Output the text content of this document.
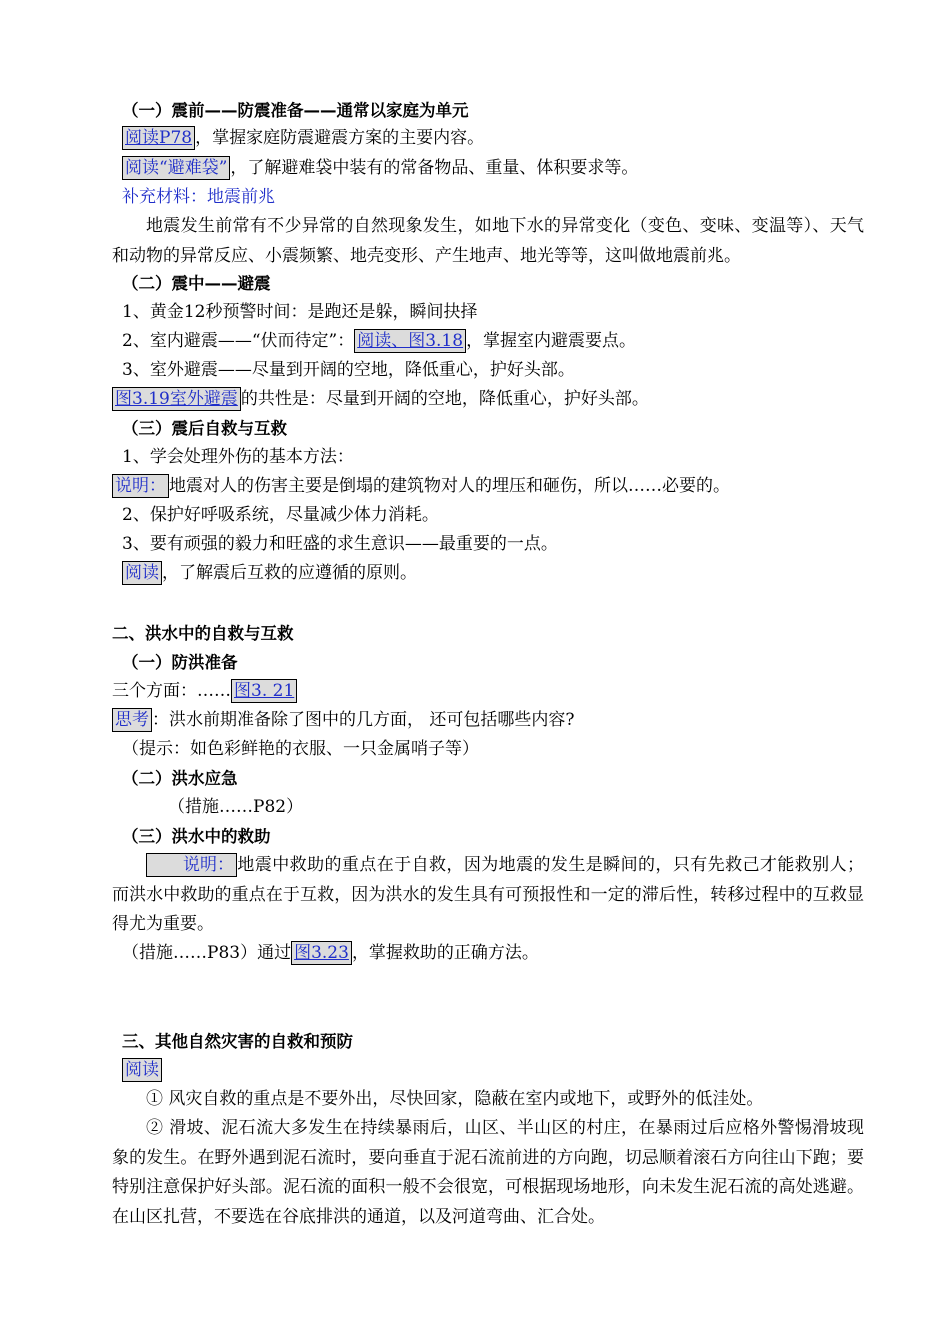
（一）震前——防震准备——通常以家庭为单元
阅读P78 ，掌握家庭防震避震方案的主要内容。
阅读“避难袋” ，了解避难袋中装有的常备物品、重量、体积要求等。
补充材料：地震前兆
地震发生前常有不少异常的自然现象发生，如地下水的异常变化（变色、变味、变温等）、天气和动物的异常反应、小震频繁、地壳变形、产生地声、地光等等，这叫做地震前兆。
（二）震中——避震
1、黄金12秒预警时间：是跑还是躲，瞬间抉择
2、室内避震——“伏而待定”： 阅读、图3.18 ，掌握室内避震要点。
3、室外避震——尽量到开阔的空地，降低重心，护好头部。
图3.19室外避震 的共性是：尽量到开阔的空地，降低重心，护好头部。
（三）震后自救与互救
1、学会处理外伤的基本方法：
说明： 地震对人的伤害主要是倒塌的建筑物对人的埋压和砸伤，所以……必要的。
2、保护好呼吸系统，尽量减少体力消耗。
3、要有顽强的毅力和旺盛的求生意识——最重要的一点。
阅读 ，了解震后互救的应遵循的原则。
二、洪水中的自救与互救
（一）防洪准备
三个方面：…… 图3. 21
思考 ：洪水前期准备除了图中的几方面， 还可包括哪些内容?
（提示：如色彩鲜艳的衣服、一只金属哨子等）
（二）洪水应急
（措施……P82）
（三）洪水中的救助
说明： 地震中救助的重点在于自救，因为地震的发生是瞬间的，只有先救己才能救别人；而洪水中救助的重点在于互救，因为洪水的发生具有可预报性和一定的滞后性，转移过程中的互救显得尤为重要。
（措施……P83）通过 图3.23 ，掌握救助的正确方法。
三、其他自然灾害的自救和预防
阅读
① 风灾自救的重点是不要外出，尽快回家，隐蔽在室内或地下，或野外的低洼处。
② 滑坡、泥石流大多发生在持续暴雨后，山区、半山区的村庄，在暴雨过后应格外警惕滑坡现象的发生。在野外遇到泥石流时，要向垂直于泥石流前进的方向跑，切忌顺着滚石方向往山下跑；要特别注意保护好头部。泥石流的面积一般不会很宽，可根据现场地形，向未发生泥石流的高处逃避。在山区扎营，不要选在谷底排洪的通道，以及河道弯曲、汇合处。
